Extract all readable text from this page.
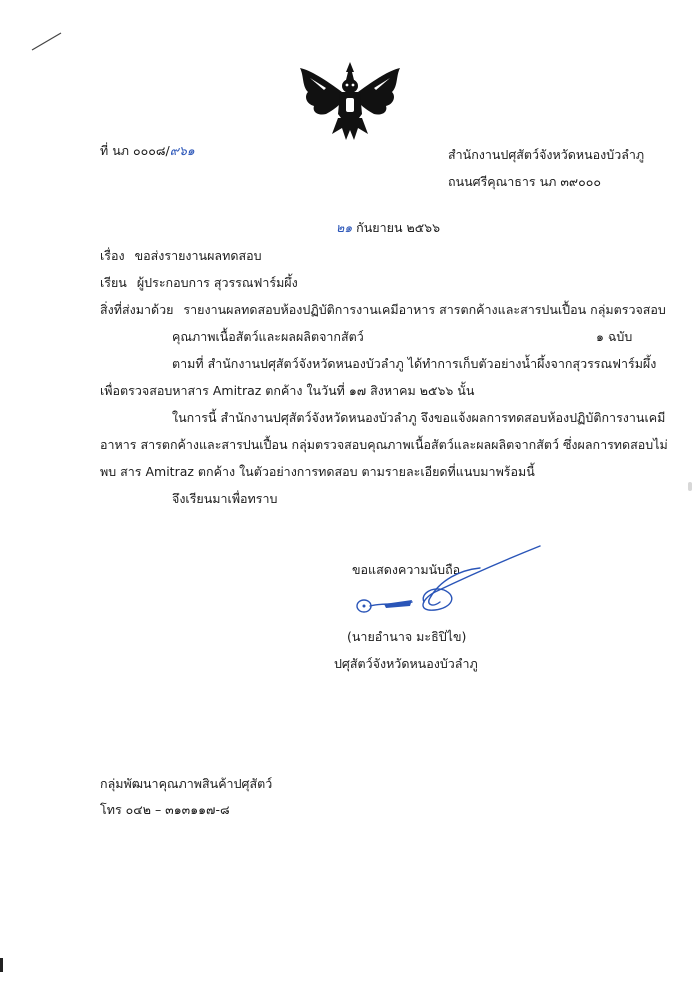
ที่ นภ ๐๐๐๘/๙๖๑	สำนักงานปศุสัตว์จังหวัดหนองบัวลำภู
ถนนศรีคุณาธาร นภ ๓๙๐๐๐
๒๑ กันยายน ๒๕๖๖
เรื่อง ขอส่งรายงานผลทดสอบ
เรียน ผู้ประกอบการ สุวรรณฟาร์มผึ้ง
สิ่งที่ส่งมาด้วย รายงานผลทดสอบห้องปฏิบัติการงานเคมีอาหาร สารตกค้างและสารปนเปื้อน กลุ่มตรวจสอบ
คุณภาพเนื้อสัตว์และผลผลิตจากสัตว์	๑ ฉบับ
ตามที่ สำนักงานปศุสัตว์จังหวัดหนองบัวลำภู ได้ทำการเก็บตัวอย่างน้ำผึ้งจากสุวรรณฟาร์มผึ้ง
เพื่อตรวจสอบหาสาร Amitraz ตกค้าง ในวันที่ ๑๗ สิงหาคม ๒๕๖๖ นั้น
ในการนี้ สำนักงานปศุสัตว์จังหวัดหนองบัวลำภู จึงขอแจ้งผลการทดสอบห้องปฏิบัติการงานเคมี
อาหาร สารตกค้างและสารปนเปื้อน กลุ่มตรวจสอบคุณภาพเนื้อสัตว์และผลผลิตจากสัตว์ ซึ่งผลการทดสอบไม่
พบ สาร Amitraz ตกค้าง ในตัวอย่างการทดสอบ ตามรายละเอียดที่แนบมาพร้อมนี้
จึงเรียนมาเพื่อทราบ
ขอแสดงความนับถือ
(นายอำนาจ มะธิปิไข)
ปศุสัตว์จังหวัดหนองบัวลำภู
กลุ่มพัฒนาคุณภาพสินค้าปศุสัตว์
โทร ๐๔๒ – ๓๑๓๑๑๗-๘
